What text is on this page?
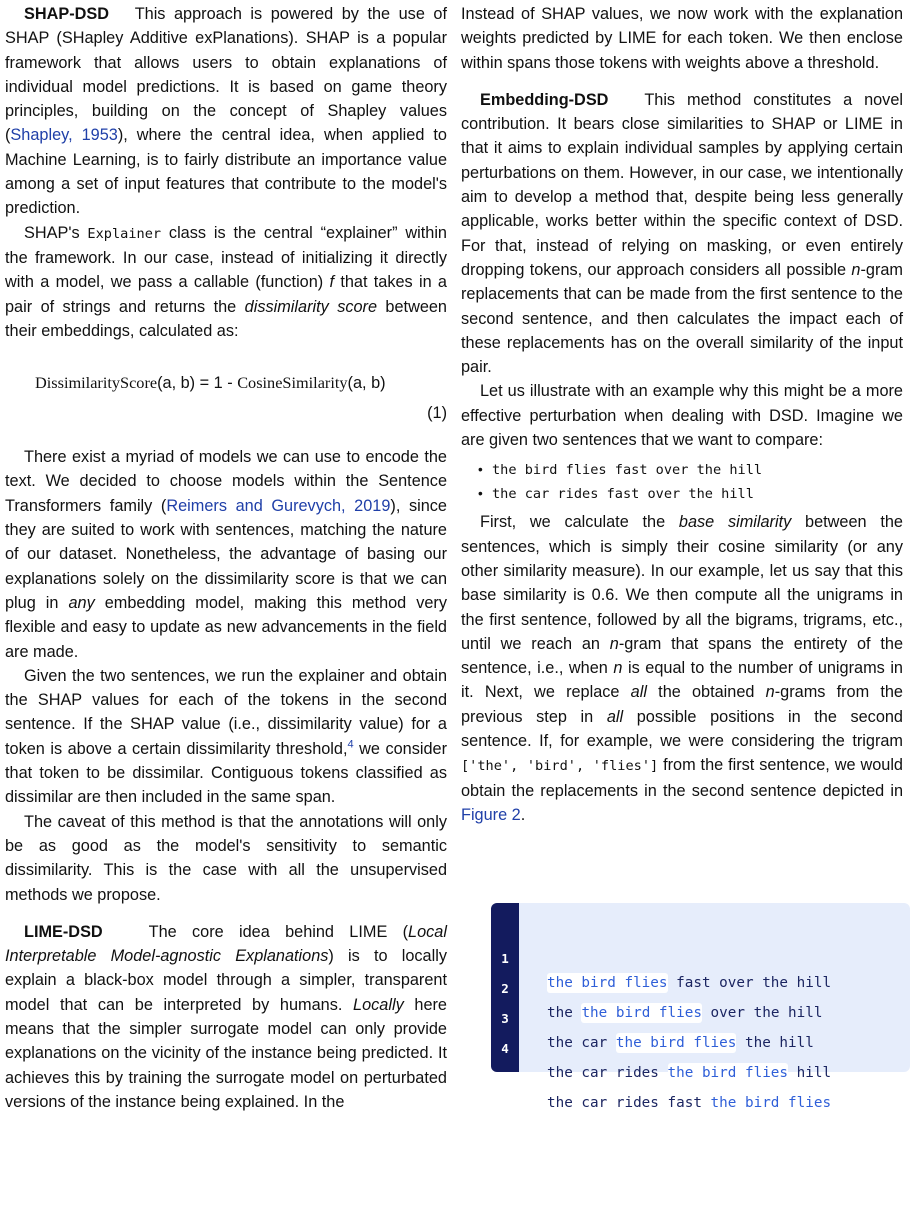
SHAP-DSD This approach is powered by the use of SHAP (SHapley Additive exPlanations). SHAP is a popular framework that allows users to obtain explanations of individual model predictions. It is based on game theory principles, building on the concept of Shapley values (Shapley, 1953), where the central idea, when applied to Machine Learning, is to fairly distribute an importance value among a set of input features that contribute to the model's prediction.

SHAP's Explainer class is the central “explainer” within the framework. In our case, instead of initializing it directly with a model, we pass a callable (function) f that takes in a pair of strings and returns the dissimilarity score between their embeddings, calculated as:

DissimilarityScore(a, b) = 1 - CosineSimilarity(a, b)
(1)

There exist a myriad of models we can use to encode the text. We decided to choose models within the Sentence Transformers family (Reimers and Gurevych, 2019), since they are suited to work with sentences, matching the nature of our dataset. Nonetheless, the advantage of basing our explanations solely on the dissimilarity score is that we can plug in any embedding model, making this method very flexible and easy to update as new advancements in the field are made.

Given the two sentences, we run the explainer and obtain the SHAP values for each of the tokens in the second sentence. If the SHAP value (i.e., dissimilarity value) for a token is above a certain dissimilarity threshold,$^4$ we consider that token to be dissimilar. Contiguous tokens classified as dissimilar are then included in the same span.

The caveat of this method is that the annotations will only be as good as the model's sensitivity to semantic dissimilarity. This is the case with all the unsupervised methods we propose.

LIME-DSD	The core idea behind LIME (Local Interpretable Model-agnostic Explanations) is to locally explain a black-box model through a simpler, transparent model that can be interpreted by humans. Locally here means that the simpler surrogate model can only provide explanations on the vicinity of the instance being predicted. It achieves this by training the surrogate model on perturbated versions of the instance being explained. In the

Instead of SHAP values, we now work with the explanation weights predicted by LIME for each token. We then enclose within spans those tokens with weights above a threshold.

Embedding-DSD This method constitutes a novel contribution. It bears close similarities to SHAP or LIME in that it aims to explain individual samples by applying certain perturbations on them. However, in our case, we intentionally aim to develop a method that, despite being less generally applicable, works better within the specific context of DSD. For that, instead of relying on masking, or even entirely dropping tokens, our approach considers all possible n-gram replacements that can be made from the first sentence to the second sentence, and then calculates the impact each of these replacements has on the overall similarity of the input pair.

Let us illustrate with an example why this might be a more effective perturbation when dealing with DSD. Imagine we are given two sentences that we want to compare:

• the bird flies fast over the hill
• the car rides fast over the hill

First, we calculate the base similarity between the sentences, which is simply their cosine similarity (or any other similarity measure). In our example, let us say that this base similarity is 0.6. We then compute all the unigrams in the first sentence, followed by all the bigrams, trigrams, etc., until we reach an n-gram that spans the entirety of the sentence, i.e., when n is equal to the number of unigrams in it. Next, we replace all the obtained n-grams from the previous step in all possible positions in the second sentence. If, for example, we were considering the trigram ['the', 'bird', 'flies'] from the first sentence, we would obtain the replacements in the second sentence depicted in Figure 2.

1

the bird flies fast over the hill

2

the the bird flies over the hill

3

the car the bird flies the hill

4

the car rides the bird flies hill

5

the car rides fast the bird flies
